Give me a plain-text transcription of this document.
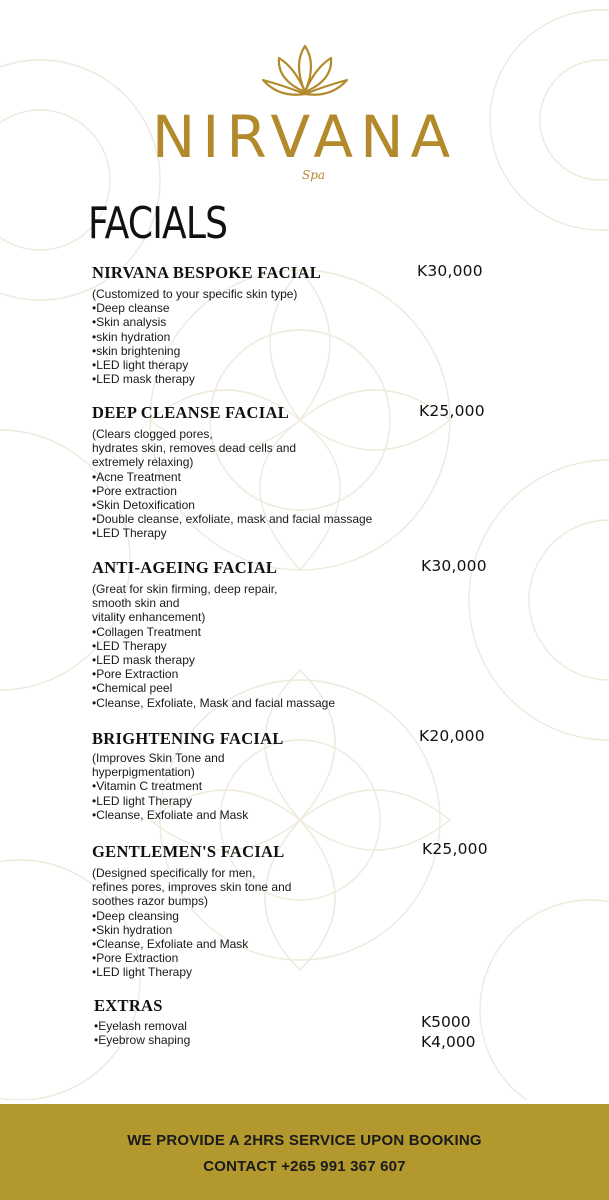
NIRVANA
Spa
FACIALS
NIRVANA BESPOKE FACIAL
(Customized to your specific skin type)
•Deep cleanse
•Skin analysis
•skin hydration
•skin brightening
•LED light therapy
•LED mask therapy
K30,000
DEEP CLEANSE FACIAL
(Clears clogged pores,
hydrates skin, removes dead cells and
extremely relaxing)
•Acne Treatment
•Pore extraction
•Skin Detoxification
•Double cleanse, exfoliate, mask and facial massage
•LED Therapy
K25,000
ANTI-AGEING FACIAL
(Great for skin firming, deep repair,
smooth skin and
vitality enhancement)
•Collagen Treatment
•LED Therapy
•LED mask therapy
•Pore Extraction
•Chemical peel
•Cleanse, Exfoliate, Mask and facial massage
K30,000
BRIGHTENING FACIAL
(Improves Skin Tone and
hyperpigmentation)
•Vitamin C treatment
•LED light Therapy
•Cleanse, Exfoliate and Mask
K20,000
GENTLEMEN'S FACIAL
(Designed specifically for men,
refines pores, improves skin tone and
soothes razor bumps)
•Deep cleansing
•Skin hydration
•Cleanse, Exfoliate and Mask
•Pore Extraction
•LED light Therapy
K25,000
EXTRAS
•Eyelash removal
•Eyebrow shaping
K5000
K4,000
WE PROVIDE A 2HRS SERVICE UPON BOOKING
CONTACT +265 991 367 607
